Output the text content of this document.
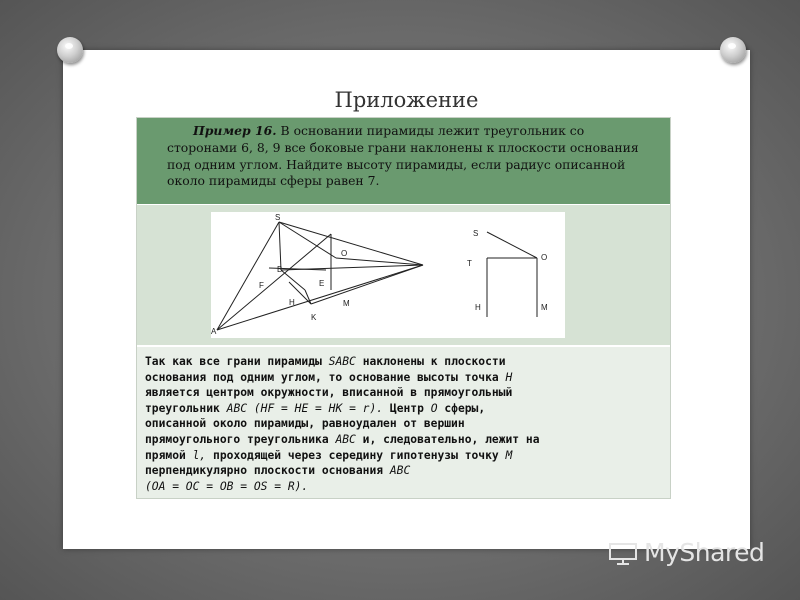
Приложение
Пример 16. В основании пирамиды лежит треугольник со сторонами 6, 8, 9 все боковые грани наклонены к плоскости основания под одним углом. Найдите высоту пирамиды, если радиус описанной около пирамиды сферы равен 7.
S
B
F
H
E
O
M
K
A
S
T
O
H	M
Так как все грани пирамиды SABC наклонены к плоскости
основания под одним углом, то основание высоты точка H
является центром окружности, вписанной в прямоугольный
треугольник ABC (HF = HE = HK = r). Центр O сферы,
описанной около пирамиды, равноудален от вершин
прямоугольного треугольника ABC и, следовательно, лежит на
прямой l, проходящей через середину гипотенузы точку M
перпендикулярно плоскости основания ABC
(OA = OC = OB = OS = R).
MyShared
